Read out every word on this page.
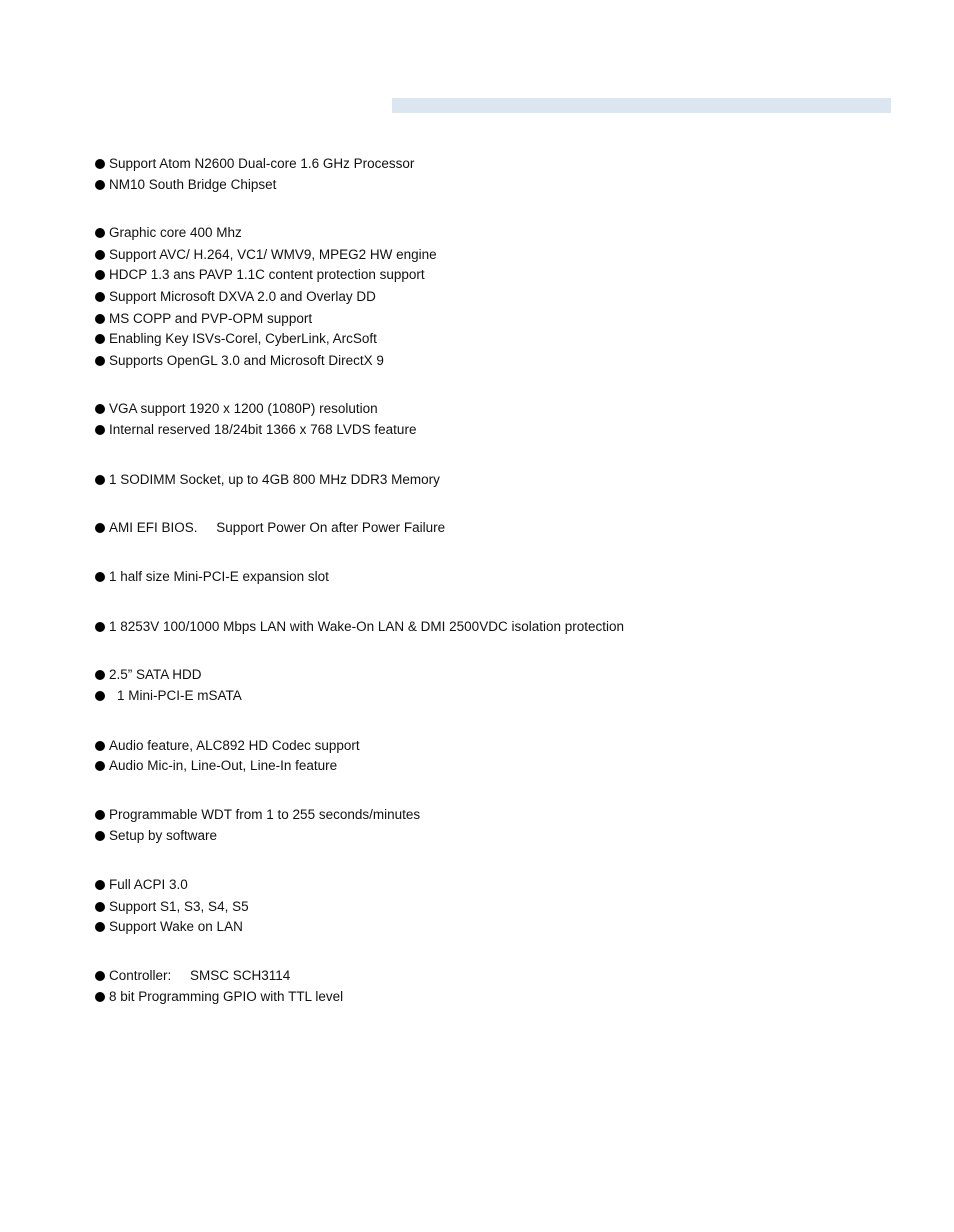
Support Atom N2600 Dual-core 1.6 GHz Processor
NM10 South Bridge Chipset
Graphic core 400 Mhz
Support AVC/ H.264, VC1/ WMV9, MPEG2 HW engine
HDCP 1.3 ans PAVP 1.1C content protection support
Support Microsoft DXVA 2.0 and Overlay DD
MS COPP and PVP-OPM support
Enabling Key ISVs-Corel, CyberLink, ArcSoft
Supports OpenGL 3.0 and Microsoft DirectX 9
VGA support 1920 x 1200 (1080P) resolution
Internal reserved 18/24bit 1366 x 768 LVDS feature
1 SODIMM Socket, up to 4GB 800 MHz DDR3 Memory
AMI EFI BIOS.     Support Power On after Power Failure
1 half size Mini-PCI-E expansion slot
1 8253V 100/1000 Mbps LAN with Wake-On LAN & DMI 2500VDC isolation protection
2.5” SATA HDD
1 Mini-PCI-E mSATA
Audio feature, ALC892 HD Codec support
Audio Mic-in, Line-Out, Line-In feature
Programmable WDT from 1 to 255 seconds/minutes
Setup by software
Full ACPI 3.0
Support S1, S3, S4, S5
Support Wake on LAN
Controller:     SMSC SCH3114
8 bit Programming GPIO with TTL level
